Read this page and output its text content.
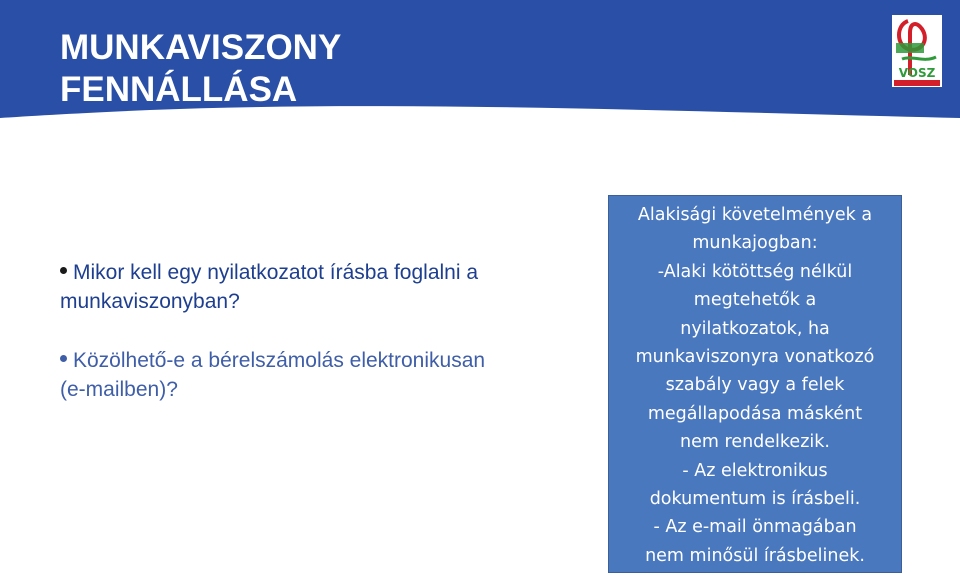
MUNKAVISZONY
FENNÁLLÁSA	VOSZ
Mikor kell egy nyilatkozatot írásba foglalni a munkaviszonyban?
Közölhető-e a bérelszámolás elektronikusan (e-mailben)?
Alakisági követelmények a
munkajogban:
-Alaki kötöttség nélkül
megtehetők a
nyilatkozatok, ha
munkaviszonyra vonatkozó
szabály vagy a felek
megállapodása másként
nem rendelkezik.
- Az elektronikus
dokumentum is írásbeli.
- Az e-mail önmagában
nem minősül írásbelinek.
